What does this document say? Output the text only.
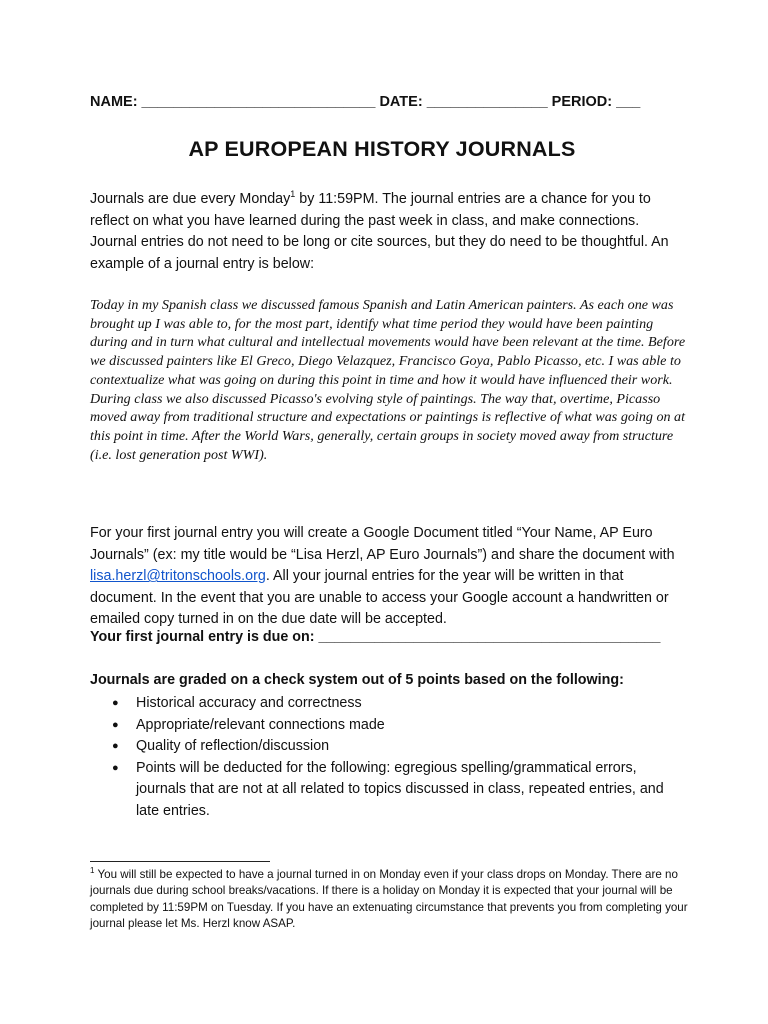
NAME: _____________________________ DATE: _______________ PERIOD: ___
AP EUROPEAN HISTORY JOURNALS
Journals are due every Monday$^1$ by 11:59PM. The journal entries are a chance for you to reflect on what you have learned during the past week in class, and make connections. Journal entries do not need to be long or cite sources, but they do need to be thoughtful. An example of a journal entry is below:
Today in my Spanish class we discussed famous Spanish and Latin American painters. As each one was brought up I was able to, for the most part, identify what time period they would have been painting during and in turn what cultural and intellectual movements would have been relevant at the time. Before we discussed painters like El Greco, Diego Velazquez, Francisco Goya, Pablo Picasso, etc. I was able to contextualize what was going on during this point in time and how it would have influenced their work. During class we also discussed Picasso's evolving style of paintings. The way that, overtime, Picasso moved away from traditional structure and expectations or paintings is reflective of what was going on at this point in time. After the World Wars, generally, certain groups in society moved away from structure (i.e. lost generation post WWI).
For your first journal entry you will create a Google Document titled “Your Name, AP Euro Journals” (ex: my title would be “Lisa Herzl, AP Euro Journals”) and share the document with lisa.herzl@tritonschools.org. All your journal entries for the year will be written in that document. In the event that you are unable to access your Google account a handwritten or emailed copy turned in on the due date will be accepted.
Your first journal entry is due on: ___________________________________________
Journals are graded on a check system out of 5 points based on the following:
● Historical accuracy and correctness
● Appropriate/relevant connections made
● Quality of reflection/discussion
● Points will be deducted for the following: egregious spelling/grammatical errors, journals that are not at all related to topics discussed in class, repeated entries, and late entries.
$^1$ You will still be expected to have a journal turned in on Monday even if your class drops on Monday. There are no journals due during school breaks/vacations. If there is a holiday on Monday it is expected that your journal will be completed by 11:59PM on Tuesday. If you have an extenuating circumstance that prevents you from completing your journal please let Ms. Herzl know ASAP.
